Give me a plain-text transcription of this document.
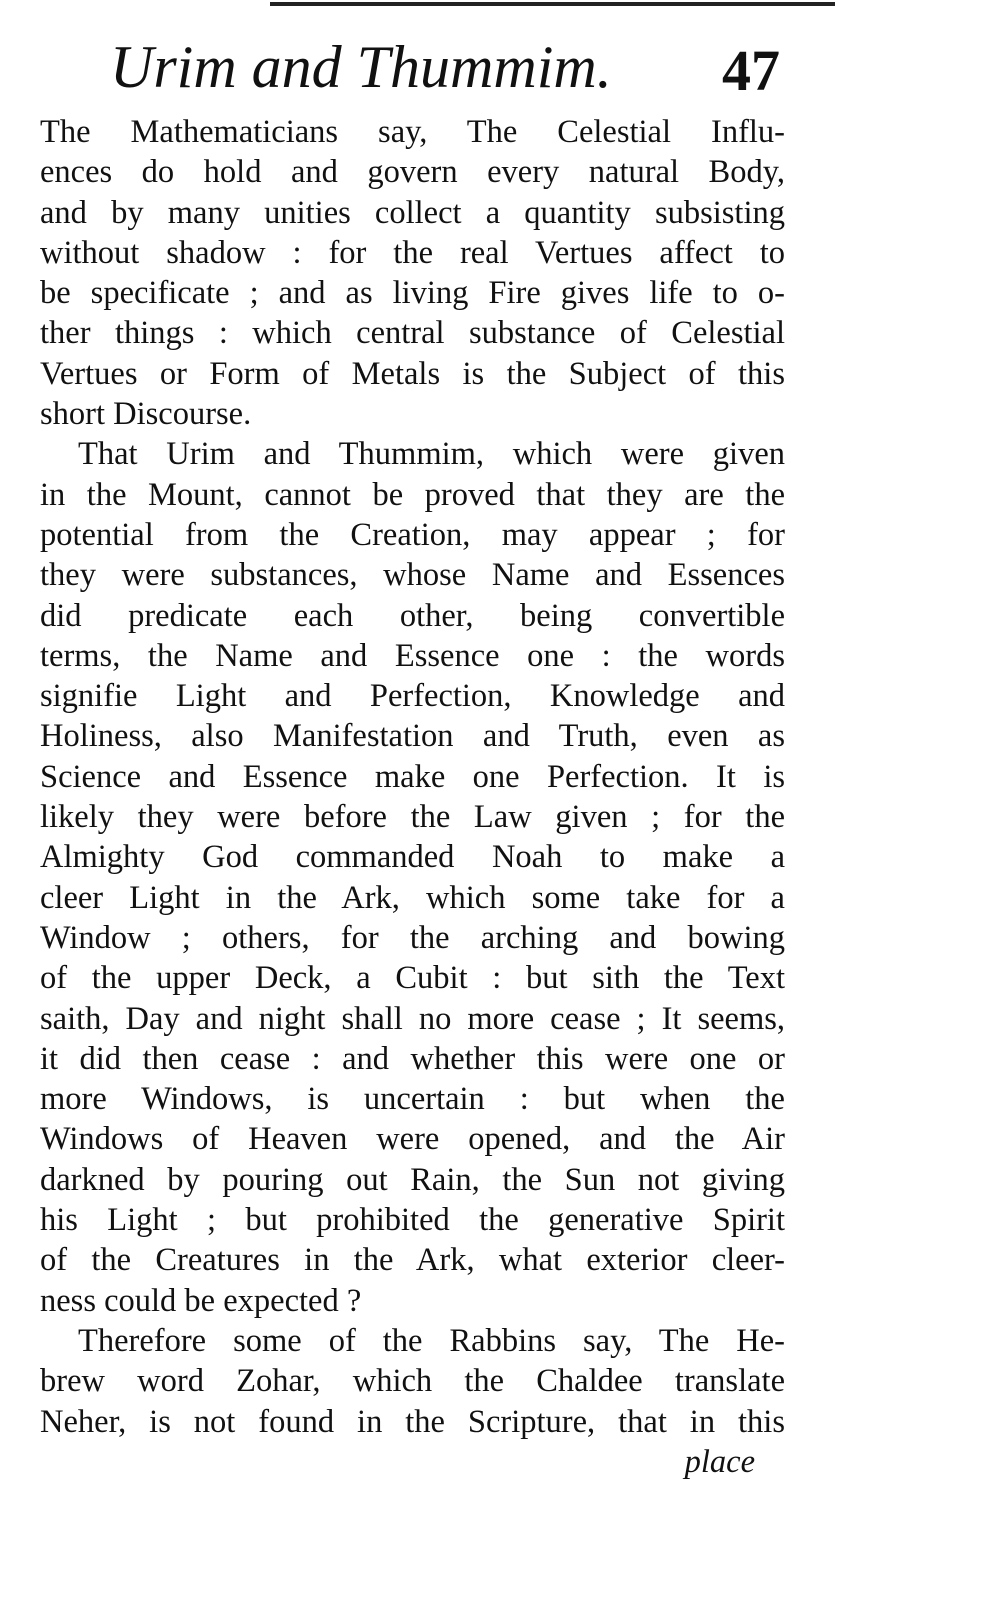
Urim and Thummim. 47
The Mathematicians say, The Celestial Influ-
ences do hold and govern every natural Body,
and by many unities collect a quantity subsisting
without shadow : for the real Vertues affect to
be specificate ; and as living Fire gives life to o-
ther things : which central substance of Celestial
Vertues or Form of Metals is the Subject of this
short Discourse.
That Urim and Thummim, which were given
in the Mount, cannot be proved that they are the
potential from the Creation, may appear ; for
they were substances, whose Name and Essences
did predicate each other, being convertible
terms, the Name and Essence one : the words
signifie Light and Perfection, Knowledge and
Holiness, also Manifestation and Truth, even as
Science and Essence make one Perfection. It is
likely they were before the Law given ; for the
Almighty God commanded Noah to make a
cleer Light in the Ark, which some take for a
Window ; others, for the arching and bowing
of the upper Deck, a Cubit : but sith the Text
saith, Day and night shall no more cease ; It seems,
it did then cease : and whether this were one or
more Windows, is uncertain : but when the
Windows of Heaven were opened, and the Air
darkned by pouring out Rain, the Sun not giving
his Light ; but prohibited the generative Spirit
of the Creatures in the Ark, what exterior cleer-
ness could be expected ?
Therefore some of the Rabbins say, The He-
brew word Zohar, which the Chaldee translate
Neher, is not found in the Scripture, that in this
place
